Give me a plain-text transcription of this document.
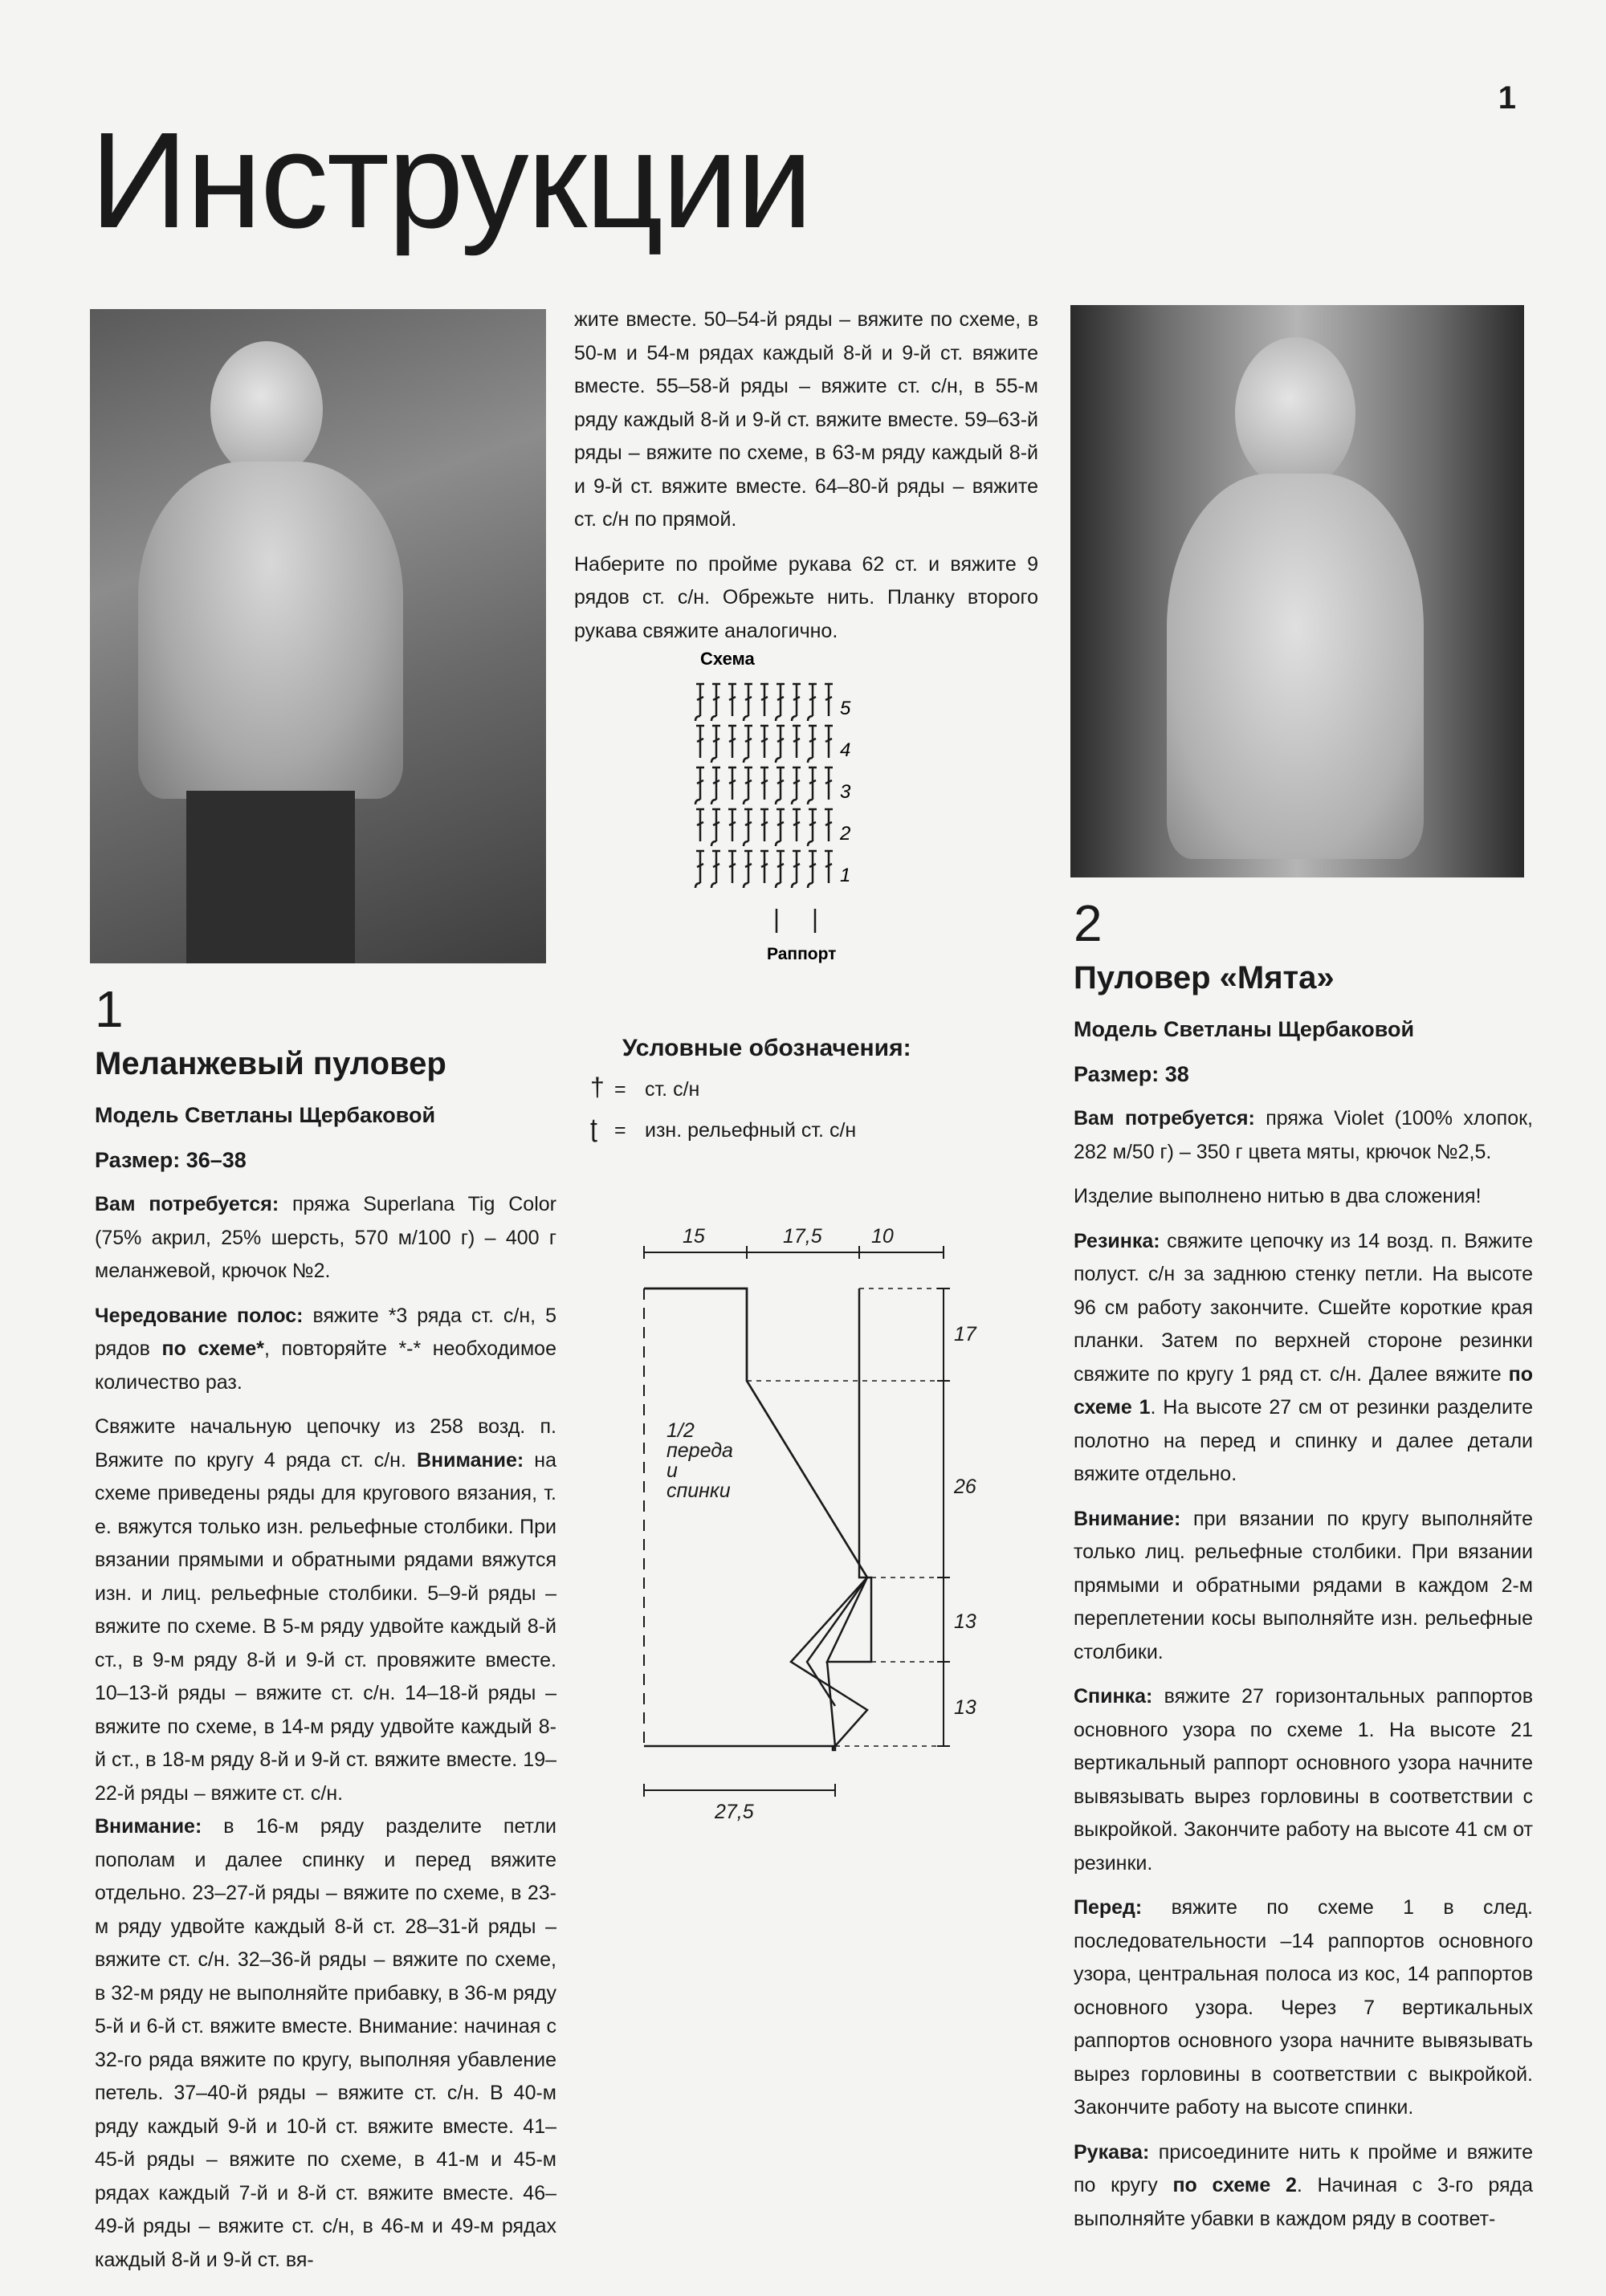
1
Инструкции
1
Меланжевый пуловер
Модель Светланы Щербаковой
Размер: 36–38

Вам потребуется: пряжа Superlana Tig Color (75% акрил, 25% шерсть, 570 м/100 г) – 400 г меланжевой, крючок №2.

Чередование полос: вяжите *3 ряда ст. с/н, 5 рядов по схеме*, повторяйте *-* необходимое количество раз.

Свяжите начальную цепочку из 258 возд. п. Вяжите по кругу 4 ряда ст. с/н. Внимание: на схеме приведены ряды для кругового вязания, т. е. вяжутся только изн. рельефные столбики. При вязании прямыми и обратными рядами вяжутся изн. и лиц. рельефные столбики. 5–9-й ряды – вяжите по схеме. В 5-м ряду удвойте каждый 8-й ст., в 9-м ряду 8-й и 9-й ст. провяжите вместе. 10–13-й ряды – вяжите ст. с/н. 14–18-й ряды – вяжите по схеме, в 14-м ряду удвойте каждый 8-й ст., в 18-м ряду 8-й и 9-й ст. вяжите вместе. 19–22-й ряды – вяжите ст. с/н.
Внимание: в 16-м ряду разделите петли пополам и далее спинку и перед вяжите отдельно. 23–27-й ряды – вяжите по схеме, в 23-м ряду удвойте каждый 8-й ст. 28–31-й ряды – вяжите ст. с/н. 32–36-й ряды – вяжите по схеме, в 32-м ряду не выполняйте прибавку, в 36-м ряду 5-й и 6-й ст. вяжите вместе. Внимание: начиная с 32-го ряда вяжите по кругу, выполняя убавление петель. 37–40-й ряды – вяжите ст. с/н. В 40-м ряду каждый 9-й и 10-й ст. вяжите вместе. 41–45-й ряды – вяжите по схеме, в 41-м и 45-м рядах каждый 7-й и 8-й ст. вяжите вместе. 46–49-й ряды – вяжите ст. с/н, в 46-м и 49-м рядах каждый 8-й и 9-й ст. вя-

жите вместе. 50–54-й ряды – вяжите по схеме, в 50-м и 54-м рядах каждый 8-й и 9-й ст. вяжите вместе. 55–58-й ряды – вяжите ст. с/н, в 55-м ряду каждый 8-й и 9-й ст. вяжите вместе. 59–63-й ряды – вяжите по схеме, в 63-м ряду каждый 8-й и 9-й ст. вяжите вместе. 64–80-й ряды – вяжите ст. с/н по прямой.

Наберите по пройме рукава 62 ст. и вяжите 9 рядов ст. с/н. Обрежьте нить. Планку второго рукава свяжите аналогично.

Схема
5
4
3
2
1
Раппорт
Условные обозначения:
† = ст. с/н
ʈ = изн. рельефный ст. с/н
15	17,5 10
17
26
13
13
27,5
1/2
переда
и
спинки
2
Пуловер «Мята»
Модель Светланы Щербаковой
Размер: 38

Вам потребуется: пряжа Violet (100% хлопок, 282 м/50 г) – 350 г цвета мяты, крючок №2,5.

Изделие выполнено нитью в два сложения!

Резинка: свяжите цепочку из 14 возд. п. Вяжите полуст. с/н за заднюю стенку петли. На высоте 96 см работу закончите. Сшейте короткие края планки. Затем по верхней стороне резинки свяжите по кругу 1 ряд ст. с/н. Далее вяжите по схеме 1. На высоте 27 см от резинки разделите полотно на перед и спинку и далее детали вяжите отдельно.

Внимание: при вязании по кругу выполняйте только лиц. рельефные столбики. При вязании прямыми и обратными рядами в каждом 2-м переплетении косы выполняйте изн. рельефные столбики.

Спинка: вяжите 27 горизонтальных раппортов основного узора по схеме 1. На высоте 21 вертикальный раппорт основного узора начните вывязывать вырез горловины в соответствии с выкройкой. Закончите работу на высоте 41 см от резинки.

Перед: вяжите по схеме 1 в след. последовательности –14 раппортов основного узора, центральная полоса из кос, 14 раппортов основного узора. Через 7 вертикальных раппортов основного узора начните вывязывать вырез горловины в соответствии с выкройкой. Закончите работу на высоте спинки.

Рукава: присоедините нить к пройме и вяжите по кругу по схеме 2. Начиная с 3-го ряда выполняйте убавки в каждом ряду в соответ-
